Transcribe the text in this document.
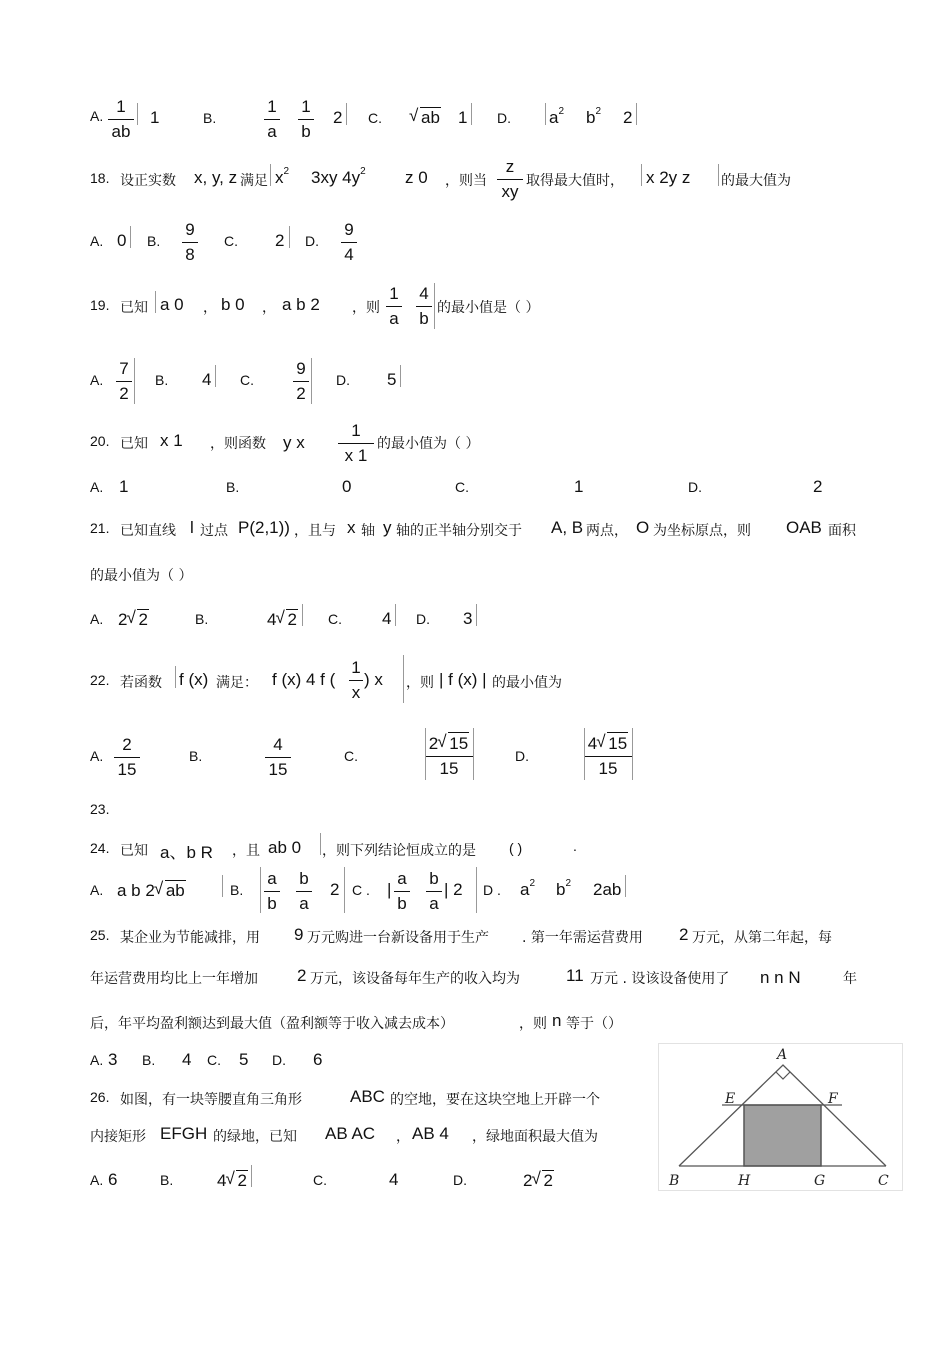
A. 1
ab
1	B.
1
a
1
b
2 C.	√ ab 1 D. $a^2$ $b^2$ 2
18. 设正实数 x, y, z 满足 $x^2$ 3xy $4y^2$ z 0 ，则当
z
xy
取得最大值时， x 2y z 的最大值为
A. 0 B.
9
8
C. 2 D.
9
4
19. 已知 a 0 ， b 0 ， a b 2 ，则
1
a
4
b
的最小值是（ ）
A.
7
2
B. 4 C.
9
2
D. 5
20. 已知 x 1 ，则函数 y x
1
x 1
的最小值为（ ）
A. 1	B.	0	C.	1	D.	2
21. 已知直线 l 过点 P(2,1)) ，且与 x 轴 y 轴的正半轴分别交于 A, B 两点， O 为坐标原点，则 OAB 面积
的最小值为（ ）
A. 2 √ 2	B.	4 √ 2 C. 4 D. 3
22. 若函数 f (x) 满足： f (x) 4 f (
1
x
) x ，则 | f (x) | 的最小值为
A.
2
15
B.
4
15
C.
2 √ 15
15
D.
4 √ 15
15
23.
24. 已知 a、b R ，且 ab 0 ，则下列结论恒成立的是 ( )	.
A. a b 2 √ ab	B.
a
b
b
a
2 C . |
a
b
b
a
| 2 D . $a^2$ $b^2$ 2ab
25. 某企业为节能减排，用 9 万元购进一台新设备用于生产 . 第一年需运营费用 2 万元，从第二年起，每
年运营费用均比上一年增加 2 万元，该设备每年生产的收入均为	11 万元 . 设该设备使用了 n n N	年
后，年平均盈利额达到最大值（盈利额等于收入减去成本）	，则 n 等于（）
A. 3 B. 4 C. 5 D. 6
26. 如图，有一块等腰直角三角形	ABC 的空地，要在这块空地上开辟一个
内接矩形 EFGH 的绿地，已知 AB AC ， AB 4 ，绿地面积最大值为
A. 6	B.	4 √ 2	C.	4	D.	2 √ 2
A
E	F
B	H	G	C
